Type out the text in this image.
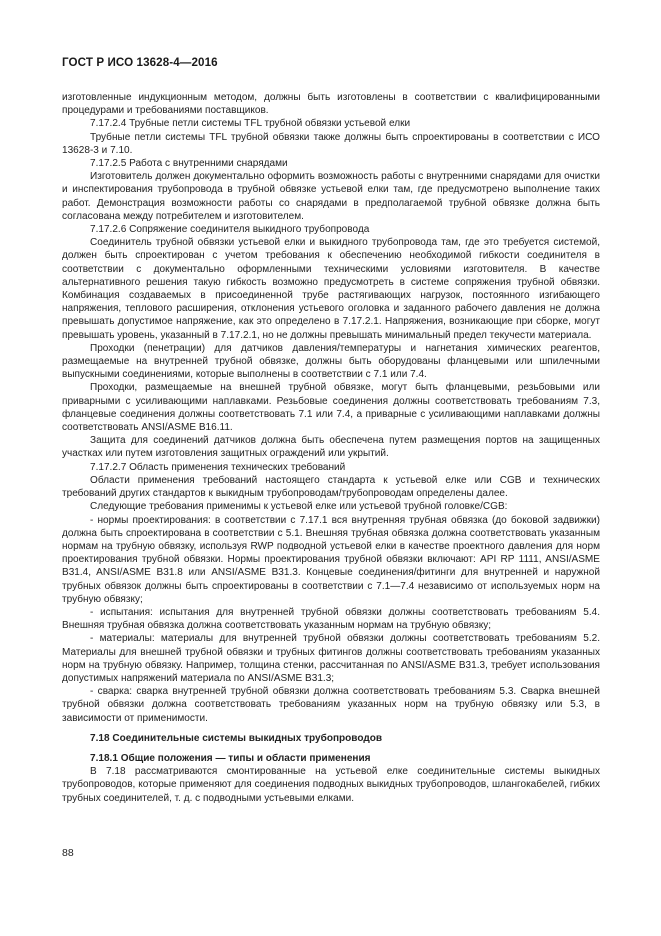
ГОСТ Р ИСО 13628-4—2016

изготовленные индукционным методом, должны быть изготовлены в соответствии с квалифицированными процедурами и требованиями поставщиков.

7.17.2.4 Трубные петли системы TFL трубной обвязки устьевой елки

Трубные петли системы TFL трубной обвязки также должны быть спроектированы в соответствии с ИСО 13628-3 и 7.10.

7.17.2.5 Работа с внутренними снарядами

Изготовитель должен документально оформить возможность работы с внутренними снарядами для очистки и инспектирования трубопровода в трубной обвязке устьевой елки там, где предусмотрено выполнение таких работ. Демонстрация возможности работы со снарядами в предполагаемой трубной обвязке должна быть согласована между потребителем и изготовителем.

7.17.2.6 Сопряжение соединителя выкидного трубопровода

Соединитель трубной обвязки устьевой елки и выкидного трубопровода там, где это требуется системой, должен быть спроектирован с учетом требования к обеспечению необходимой гибкости соединителя в соответствии с документально оформленными техническими условиями изготовителя. В качестве альтернативного решения такую гибкость возможно предусмотреть в системе сопряжения трубной обвязки. Комбинация создаваемых в присоединенной трубе растягивающих нагрузок, постоянного изгибающего напряжения, теплового расширения, отклонения устьевого оголовка и заданного рабочего давления не должна превышать допустимое напряжение, как это определено в 7.17.2.1. Напряжения, возникающие при сборке, могут превышать уровень, указанный в 7.17.2.1, но не должны превышать минимальный предел текучести материала.

Проходки (пенетрации) для датчиков давления/температуры и нагнетания химических реагентов, размещаемые на внутренней трубной обвязке, должны быть оборудованы фланцевыми или шпилечными выпускными соединениями, которые выполнены в соответствии с 7.1 или 7.4.

Проходки, размещаемые на внешней трубной обвязке, могут быть фланцевыми, резьбовыми или приварными с усиливающими наплавками. Резьбовые соединения должны соответствовать требованиям 7.3, фланцевые соединения должны соответствовать 7.1 или 7.4, а приварные с усиливающими наплавками должны соответствовать ANSI/ASME B16.11.

Защита для соединений датчиков должна быть обеспечена путем размещения портов на защищенных участках или путем изготовления защитных ограждений или укрытий.

7.17.2.7 Область применения технических требований

Области применения требований настоящего стандарта к устьевой елке или CGB и технических требований других стандартов к выкидным трубопроводам/трубопроводам определены далее.

Следующие требования применимы к устьевой елке или устьевой трубной головке/CGB:

- нормы проектирования: в соответствии с 7.17.1 вся внутренняя трубная обвязка (до боковой задвижки) должна быть спроектирована в соответствии с 5.1. Внешняя трубная обвязка должна соответствовать указанным нормам на трубную обвязку, используя RWP подводной устьевой елки в качестве проектного давления для норм проектирования трубной обвязки. Нормы проектирования трубной обвязки включают: API RP 1111, ANSI/ASME B31.4, ANSI/ASME B31.8 или ANSI/ASME B31.3. Концевые соединения/фитинги для внутренней и наружной трубных обвязок должны быть спроектированы в соответствии с 7.1—7.4 независимо от используемых норм на трубную обвязку;

- испытания: испытания для внутренней трубной обвязки должны соответствовать требованиям 5.4. Внешняя трубная обвязка должна соответствовать указанным нормам на трубную обвязку;

- материалы: материалы для внутренней трубной обвязки должны соответствовать требованиям 5.2. Материалы для внешней трубной обвязки и трубных фитингов должны соответствовать требованиям указанных норм на трубную обвязку. Например, толщина стенки, рассчитанная по ANSI/ASME B31.3, требует использования допустимых напряжений материала по ANSI/ASME B31.3;

- сварка: сварка внутренней трубной обвязки должна соответствовать требованиям 5.3. Сварка внешней трубной обвязки должна соответствовать требованиям указанных норм на трубную обвязку или 5.3, в зависимости от применимости.

7.18 Соединительные системы выкидных трубопроводов

7.18.1 Общие положения — типы и области применения

В 7.18 рассматриваются смонтированные на устьевой елке соединительные системы выкидных трубопроводов, которые применяют для соединения подводных выкидных трубопроводов, шлангокабелей, гибких трубных соединителей, т. д. с подводными устьевыми елками.

88
